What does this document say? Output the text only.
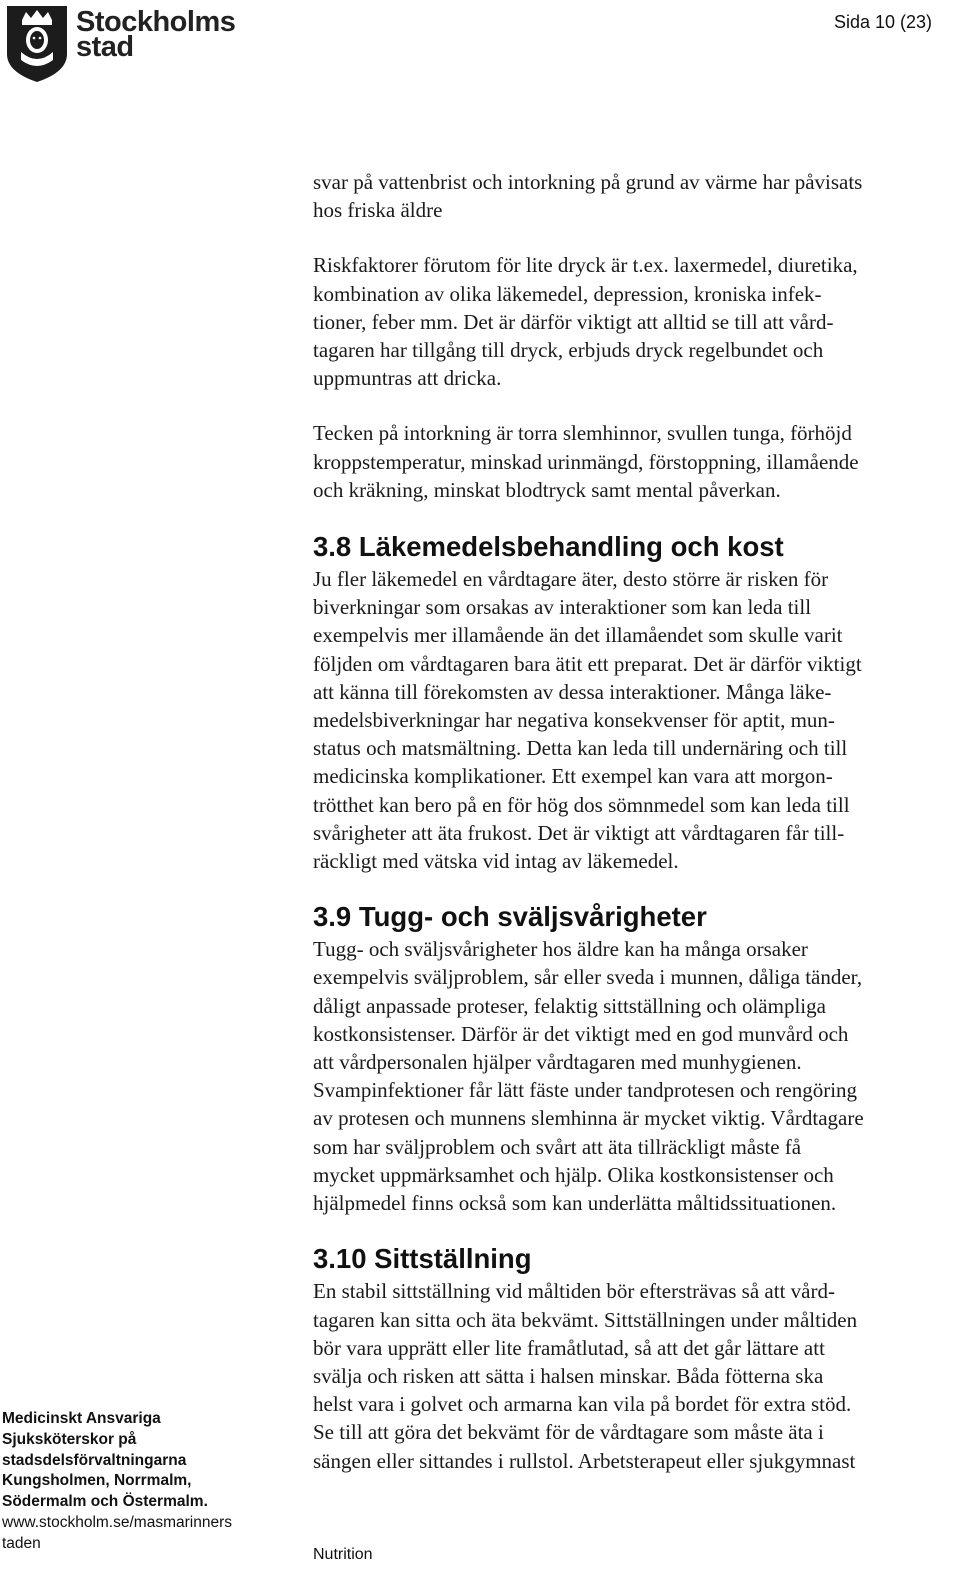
Stockholms
stad
Sida 10 (23)

svar på vattenbrist och intorkning på grund av värme har påvisats
hos friska äldre

Riskfaktorer förutom för lite dryck är t.ex. laxermedel, diuretika,
kombination av olika läkemedel, depression, kroniska infek-
tioner, feber mm. Det är därför viktigt att alltid se till att vård-
tagaren har tillgång till dryck, erbjuds dryck regelbundet och
uppmuntras att dricka.

Tecken på intorkning är torra slemhinnor, svullen tunga, förhöjd
kroppstemperatur, minskad urinmängd, förstoppning, illamående
och kräkning, minskat blodtryck samt mental påverkan.

3.8 Läkemedelsbehandling och kost

Ju fler läkemedel en vårdtagare äter, desto större är risken för
biverkningar som orsakas av interaktioner som kan leda till
exempelvis mer illamående än det illamåendet som skulle varit
följden om vårdtagaren bara ätit ett preparat. Det är därför viktigt
att känna till förekomsten av dessa interaktioner. Många läke-
medelsbiverkningar har negativa konsekvenser för aptit, mun-
status och matsmältning. Detta kan leda till undernäring och till
medicinska komplikationer. Ett exempel kan vara att morgon-
trötthet kan bero på en för hög dos sömnmedel som kan leda till
svårigheter att äta frukost. Det är viktigt att vårdtagaren får till-
räckligt med vätska vid intag av läkemedel.

3.9 Tugg- och sväljsvårigheter

Tugg- och sväljsvårigheter hos äldre kan ha många orsaker
exempelvis sväljproblem, sår eller sveda i munnen, dåliga tänder,
dåligt anpassade proteser, felaktig sittställning och olämpliga
kostkonsistenser. Därför är det viktigt med en god munvård och
att vårdpersonalen hjälper vårdtagaren med munhygienen.
Svampinfektioner får lätt fäste under tandprotesen och rengöring
av protesen och munnens slemhinna är mycket viktig. Vårdtagare
som har sväljproblem och svårt att äta tillräckligt måste få
mycket uppmärksamhet och hjälp. Olika kostkonsistenser och
hjälpmedel finns också som kan underlätta måltidssituationen.

3.10 Sittställning

En stabil sittställning vid måltiden bör eftersträvas så att vård-
tagaren kan sitta och äta bekvämt. Sittställningen under måltiden
bör vara upprätt eller lite framåtlutad, så att det går lättare att
svälja och risken att sätta i halsen minskar. Båda fötterna ska
helst vara i golvet och armarna kan vila på bordet för extra stöd.
Se till att göra det bekvämt för de vårdtagare som måste äta i
sängen eller sittandes i rullstol. Arbetsterapeut eller sjukgymnast

Nutrition
Medicinskt Ansvariga
Sjuksköterskor på
stadsdelsförvaltningarna
Kungsholmen, Norrmalm,
Södermalm och Östermalm.
www.stockholm.se/masmarinners
taden
